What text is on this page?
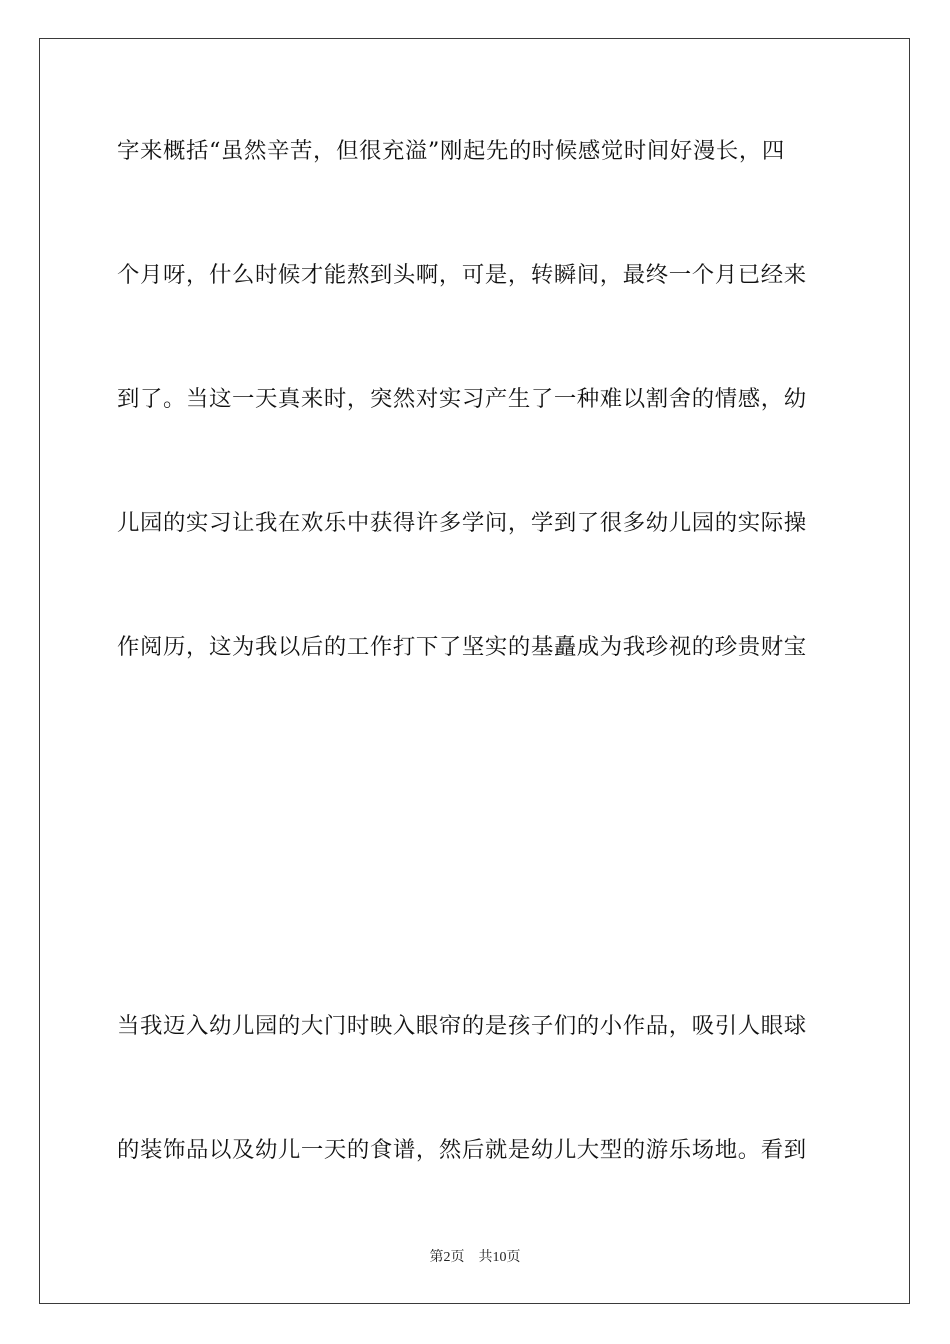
字来概括“虽然辛苦，但很充溢”刚起先的时候感觉时间好漫长，四
个月呀，什么时候才能熬到头啊，可是，转瞬间，最终一个月已经来
到了。当这一天真来时，突然对实习产生了一种难以割舍的情感，幼
儿园的实习让我在欢乐中获得许多学问，学到了很多幼儿园的实际操
作阅历，这为我以后的工作打下了坚实的基矗成为我珍视的珍贵财宝
当我迈入幼儿园的大门时映入眼帘的是孩子们的小作品，吸引人眼球
的装饰品以及幼儿一天的食谱，然后就是幼儿大型的游乐场地。看到
第2页 共10页
